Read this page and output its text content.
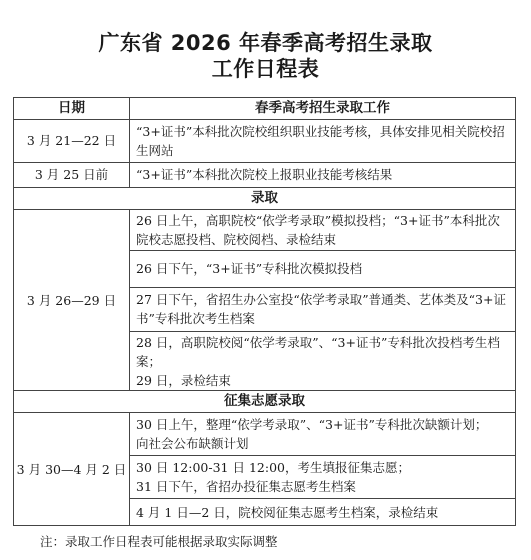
广东省 2026 年春季高考招生录取
工作日程表
日期	春季高考招生录取工作
3 月 21—22 日	“3+证书”本科批次院校组织职业技能考核，具体安排见相关院校招生网站
3 月 25 日前	“3+证书”本科批次院校上报职业技能考核结果
录取	
3 月 26—29 日	26 日上午，高职院校“依学考录取”模拟投档；“3+证书”本科批次院校志愿投档、院校阅档、录检结束
	26 日下午，“3+证书”专科批次模拟投档
	27 日下午，省招生办公室投“依学考录取”普通类、艺体类及“3+证书”专科批次考生档案

	28 日，高职院校阅“依学考录取”、“3+证书”专科批次投档考生档案；
29 日，录检结束

征集志愿录取	
3 月 30—4 月 2 日	30 日上午，整理“依学考录取”、“3+证书”专科批次缺额计划；
向社会公布缺额计划

	30 日 12:00-31 日 12:00，考生填报征集志愿；
31 日下午，省招办投征集志愿考生档案

	4 月 1 日—2 日，院校阅征集志愿考生档案，录检结束
注：录取工作日程表可能根据录取实际调整
